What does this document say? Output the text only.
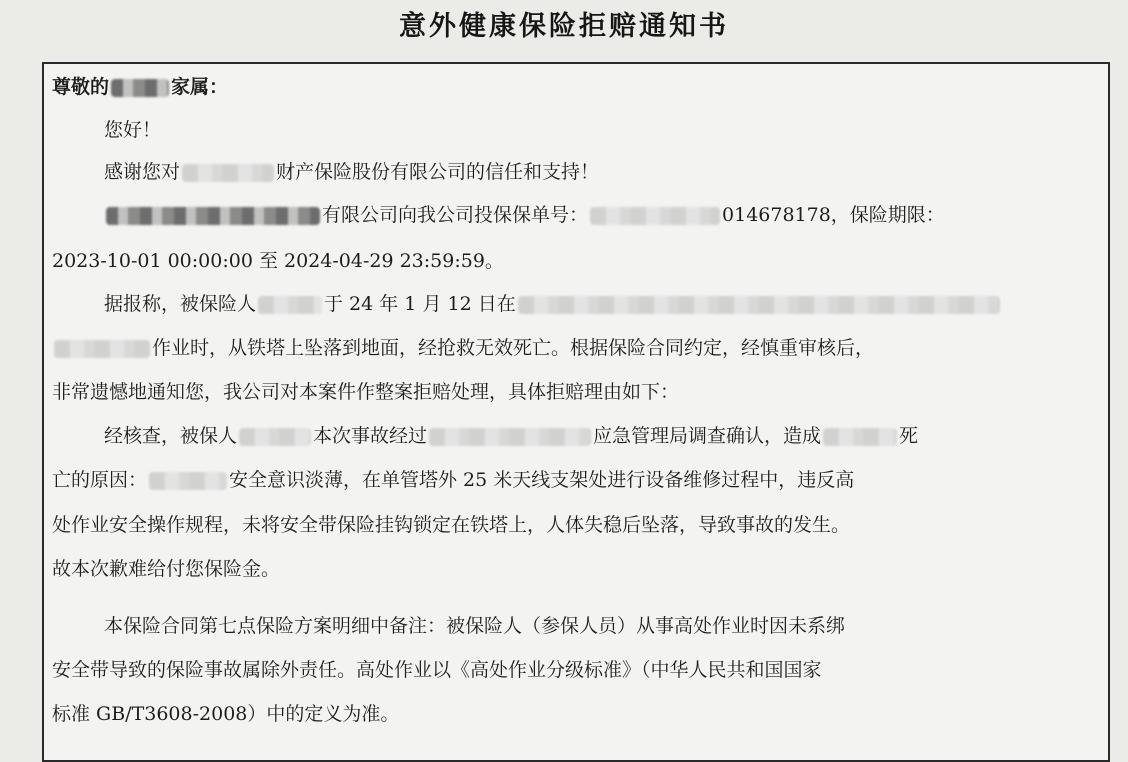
意外健康保险拒赔通知书
尊敬的	家属：
您好！
感谢您对	财产保险股份有限公司的信任和支持！
有限公司向我公司投保保单号：	014678178，保险期限：
2023-10-01 00:00:00 至 2024-04-29 23:59:59。
据报称，被保险人	于 24 年 1 月 12 日在
作业时，从铁塔上坠落到地面，经抢救无效死亡。根据保险合同约定，经慎重审核后，
非常遗憾地通知您，我公司对本案件作整案拒赔处理，具体拒赔理由如下：
经核查，被保人	本次事故经过	应急管理局调查确认，造成	死
亡的原因：	安全意识淡薄，在单管塔外 25 米天线支架处进行设备维修过程中，违反高
处作业安全操作规程，未将安全带保险挂钩锁定在铁塔上，人体失稳后坠落，导致事故的发生。
故本次歉难给付您保险金。
本保险合同第七点保险方案明细中备注：被保险人（参保人员）从事高处作业时因未系绑
安全带导致的保险事故属除外责任。高处作业以《高处作业分级标准》（中华人民共和国国家
标准 GB/T3608-2008）中的定义为准。
